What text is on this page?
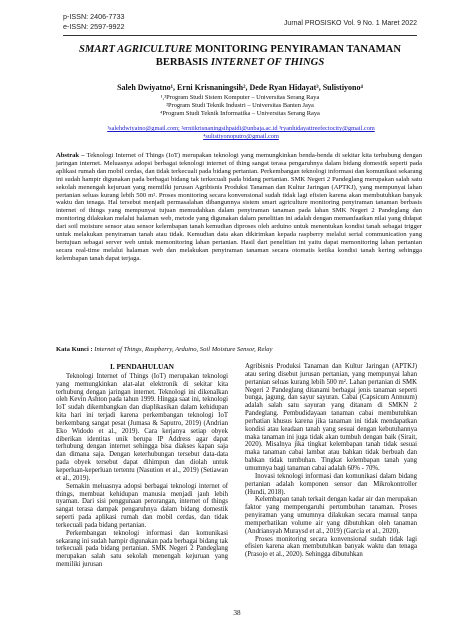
p-ISSN: 2406-7733
e-ISSN: 2597-9922	Jurnal PROSISKO Vol. 9 No. 1 Maret 2022
SMART AGRICULTURE MONITORING PENYIRAMAN TANAMAN BERBASIS INTERNET OF THINGS
Saleh Dwiyatno¹, Erni Krisnaningsih², Dede Ryan Hidayat³, Sulistiyono⁴
¹,³Program Studi Sistem Komputer – Universitas Serang Raya
²Program Studi Teknik Industri – Universitas Banten Jaya
⁴Program Studi Teknik Informatika – Universitas Serang Raya
¹salehdwiyatno@gmail.com; ²erniikrisnaningsihpaidi@unbaja.ac.id ³ryanhidayattreefectocity@gmail.com
⁴sulistiyonoputro@gmail.com
Abstrak – Teknologi Internet of Things (IoT) merupakan teknologi yang memungkinkan benda-benda di sekitar kita terhubung dengan jaringan internet. Meluasnya adopsi berbagai teknologi internet of thing sangat terasa pengaruhnya dalam bidang domestik seperti pada aplikasi rumah dan mobil cerdas, dan tidak terkecuali pada bidang pertanian. Perkembangan teknologi informasi dan komunikasi sekarang ini sudah hampir digunakan pada berbagai bidang tak terkecuali pada bidang pertanian. SMK Negeri 2 Pandeglang merupakan salah satu sekolah menengah kejuruan yang memiliki jurusan Agribisnis Produksi Tanaman dan Kultur Jaringan (APTKJ), yang mempunyai lahan pertanian seluas kurang lebih 500 m². Proses monitoring secara konvensional sudah tidak lagi efisien karena akan membutuhkan banyak waktu dan tenaga. Hal tersebut menjadi permasalahan dibangunnya sistem smart agriculture monitoring penyiraman tanaman berbasis internet of things yang mempunyai tujuan memudahkan dalam penyiraman tanaman pada lahan SMK Negeri 2 Pandeglang dan monitoring dilakukan melalui halaman web, metode yang digunakan dalam penelitian ini adalah dengan memanfaatkan nilai yang didapat dari soil moisture sensor atau sensor kelembapan tanah kemudian diproses oleh arduino untuk menentukan kondisi tanah sebagai trigger untuk melakukan penyiraman tanah atau tidak. Kemudian data akan dikirimkan kepada raspberry melalui serial communication yang bertujuan sebagai server web untuk memonitoring lahan pertanian. Hasil dari penelitian ini yaitu dapat memonitoring lahan pertanian secara real-time melalui halaman web dan melakukan penyiraman tanaman secara otomatis ketika kondisi tanah kering sehingga kelembapan tanah dapat terjaga.
Kata Kunci : Internet of Things, Raspberry, Arduino, Soil Moisture Sensor, Relay
I. PENDAHULUAN

Teknologi Internet of Things (IoT) merupakan teknologi yang memungkinkan alat-alat elektronik di sekitar kita terhubung dengan jaringan internet. Teknologi ini dikenalkan oleh Kevin Ashton pada tahun 1999. Hingga saat ini, teknologi IoT sudah dikembangkan dan diaplikasikan dalam kehidupan kita hari ini terjadi karena perkembangan teknologi IoT berkembang sangat pesat (Jumasa & Saputro, 2019) (Andrian Eko Widodo et al., 2019). Cara kerjanya setiap obyek diberikan identitas unik berupa IP Address agar dapat terhubung dengan internet sehingga bisa diakses kapan saja dan dimana saja. Dengan keterhubungan tersebut data-data pada obyek tersebut dapat dihimpun dan diolah untuk keperluan-keperluan tertentu (Nasution et al., 2019) (Setiawan et al., 2019).

Semakin meluasnya adopsi berbagai teknologi internet of things, membuat kehidupan manusia menjadi jauh lebih nyaman. Dari sisi penggunaan perorangan, internet of things sangat terasa dampak pengaruhnya dalam bidang domestik seperti pada aplikasi rumah dan mobil cerdas, dan tidak terkecuali pada bidang pertanian.

Perkembangan teknologi informasi dan komunikasi sekarang ini sudah hampir digunakan pada berbagai bidang tak terkecuali pada bidang pertanian. SMK Negeri 2 Pandeglang merupakan salah satu sekolah menengah kejuruan yang memiliki jurusan

Agribisnis Produksi Tanaman dan Kultur Jaringan (APTKJ) atau sering disebut jurusan pertanian, yang mempunyai lahan pertanian seluas kurang lebih 500 m². Lahan pertanian di SMK Negeri 2 Pandeglang ditanami berbagai jenis tanaman seperti bunga, jagung, dan sayur sayuran. Cabai (Capsicum Annuum) adalah salah satu sayuran yang ditanam di SMKN 2 Pandeglang. Pembudidayaan tanaman cabai membutuhkan perhatian khusus karena jika tanaman ini tidak mendapatkan kondisi atau keadaan tanah yang sesuai dengan kebutuhannya maka tanaman ini juga tidak akan tumbuh dengan baik (Sirait, 2020). Misalnya jika tingkat kelembapan tanah tidak sesuai maka tanaman cabai lambat atau bahkan tidak berbuah dan bahkan tidak tumbuhan. Tingkat kelembapan tanah yang umumnya bagi tanaman cabai adalah 60% - 70%.

Inovasi teknologi informasi dan komunikasi dalam bidang pertanian adalah komponen sensor dan Mikrokontroller (Hundi, 2018).

Kelembapan tanah terkait dengan kadar air dan merupakan faktor yang mempengaruhi pertumbuhan tanaman. Proses penyiraman yang umumnya dilakukan secara manual tanpa memperhatikan volume air yang dibutuhkan oleh tanaman (Andriansyah Muraysd et al., 2019) (García et al., 2020).

Proses monitoring secara konvensional sudah tidak lagi efisien karena akan membutuhkan banyak waktu dan tenaga (Prasojo et al., 2020). Sehingga dibutuhkan

38
